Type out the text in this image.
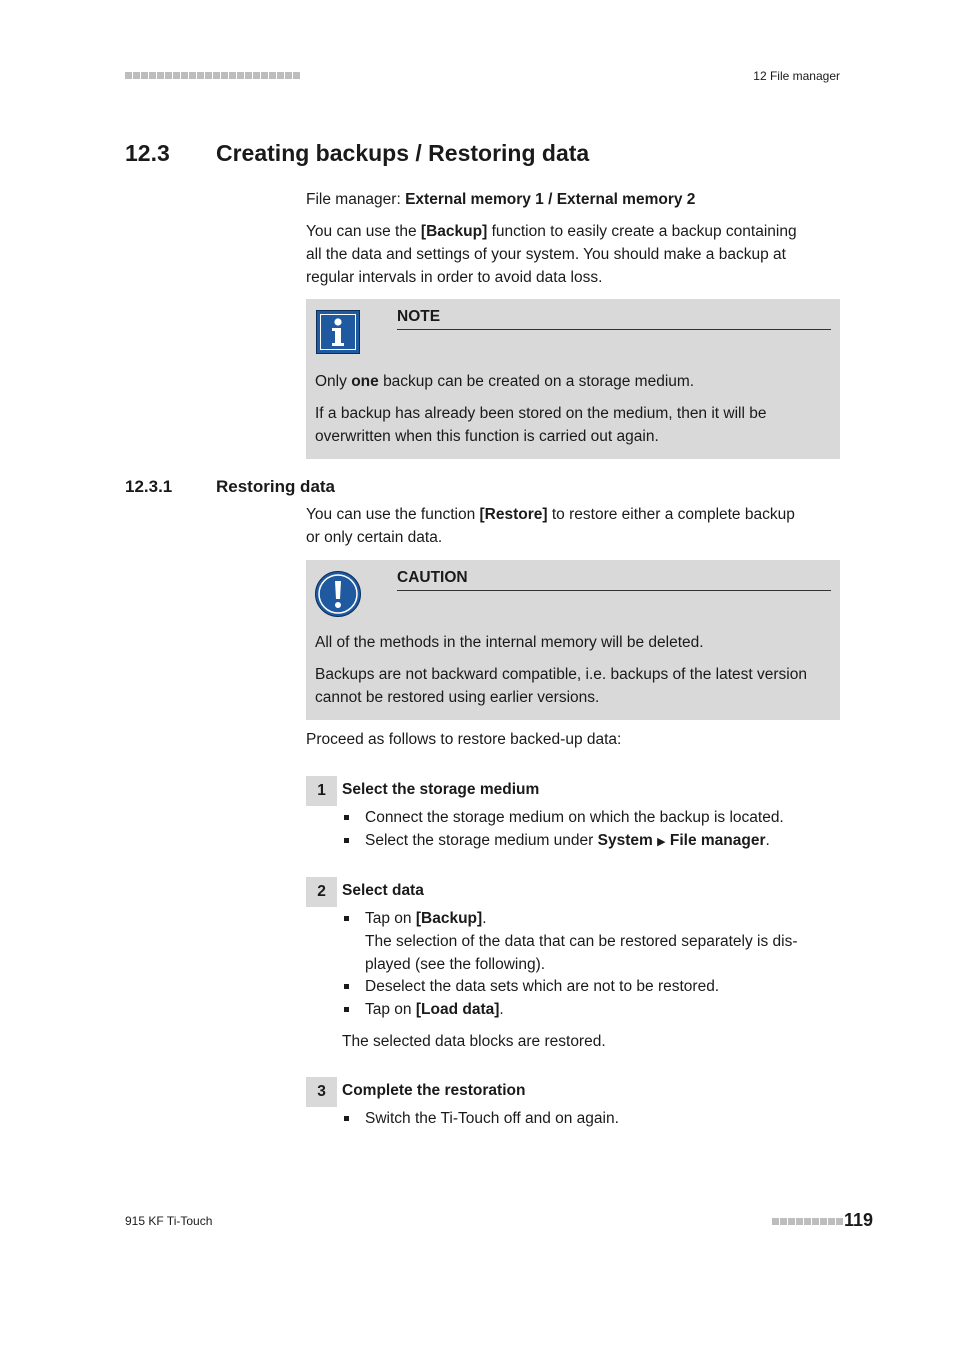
12 File manager
12.3 Creating backups / Restoring data
File manager: External memory 1 / External memory 2
You can use the [Backup] function to easily create a backup containing
all the data and settings of your system. You should make a backup at
regular intervals in order to avoid data loss.
NOTE
Only one backup can be created on a storage medium.
If a backup has already been stored on the medium, then it will be
overwritten when this function is carried out again.
12.3.1	Restoring data
You can use the function [Restore] to restore either a complete backup
or only certain data.
CAUTION
All of the methods in the internal memory will be deleted.
Backups are not backward compatible, i.e. backups of the latest version
cannot be restored using earlier versions.
Proceed as follows to restore backed-up data:
1	Select the storage medium
Connect the storage medium on which the backup is located.
Select the storage medium under System ▶ File manager.
2	Select data
Tap on [Backup].
The selection of the data that can be restored separately is dis-
played (see the following).
Deselect the data sets which are not to be restored.
Tap on [Load data].
The selected data blocks are restored.
3	Complete the restoration
Switch the Ti-Touch off and on again.
915 KF Ti-Touch	119
